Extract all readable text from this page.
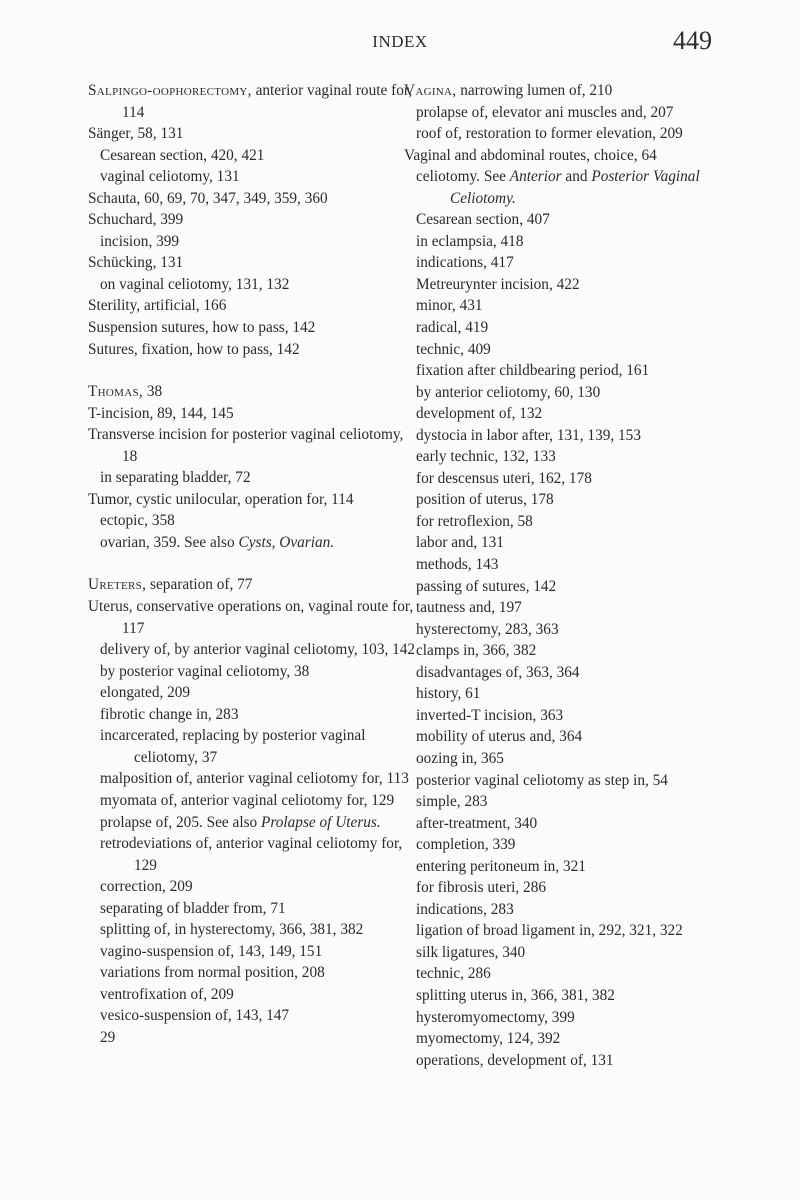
INDEX	449
Salpingo-oophorectomy, anterior vaginal route for, 114
Sänger, 58, 131
Cesarean section, 420, 421
vaginal celiotomy, 131
Schauta, 60, 69, 70, 347, 349, 359, 360
Schuchard, 399
incision, 399
Schücking, 131
on vaginal celiotomy, 131, 132
Sterility, artificial, 166
Suspension sutures, how to pass, 142
Sutures, fixation, how to pass, 142
Thomas, 38
T-incision, 89, 144, 145
Transverse incision for posterior vaginal celiotomy, 18
in separating bladder, 72
Tumor, cystic unilocular, operation for, 114
ectopic, 358
ovarian, 359. See also Cysts, Ovarian.
Ureters, separation of, 77
Uterus, conservative operations on, vaginal route for, 117
delivery of, by anterior vaginal celiotomy, 103, 142
by posterior vaginal celiotomy, 38
elongated, 209
fibrotic change in, 283
incarcerated, replacing by posterior vaginal celiotomy, 37
malposition of, anterior vaginal celiotomy for, 113
myomata of, anterior vaginal celiotomy for, 129
prolapse of, 205. See also Prolapse of Uterus.
retrodeviations of, anterior vaginal celiotomy for, 129
correction, 209
separating of bladder from, 71
splitting of, in hysterectomy, 366, 381, 382
vagino-suspension of, 143, 149, 151
variations from normal position, 208
ventrofixation of, 209
vesico-suspension of, 143, 147
29
Vagina, narrowing lumen of, 210
prolapse of, elevator ani muscles and, 207
roof of, restoration to former elevation, 209
Vaginal and abdominal routes, choice, 64
celiotomy. See Anterior and Posterior Vaginal Celiotomy.
Cesarean section, 407
in eclampsia, 418
indications, 417
Metreurynter incision, 422
minor, 431
radical, 419
technic, 409
fixation after childbearing period, 161
by anterior celiotomy, 60, 130
development of, 132
dystocia in labor after, 131, 139, 153
early technic, 132, 133
for descensus uteri, 162, 178
position of uterus, 178
for retroflexion, 58
labor and, 131
methods, 143
passing of sutures, 142
tautness and, 197
hysterectomy, 283, 363
clamps in, 366, 382
disadvantages of, 363, 364
history, 61
inverted-T incision, 363
mobility of uterus and, 364
oozing in, 365
posterior vaginal celiotomy as step in, 54
simple, 283
after-treatment, 340
completion, 339
entering peritoneum in, 321
for fibrosis uteri, 286
indications, 283
ligation of broad ligament in, 292, 321, 322
silk ligatures, 340
technic, 286
splitting uterus in, 366, 381, 382
hysteromyomectomy, 399
myomectomy, 124, 392
operations, development of, 131
